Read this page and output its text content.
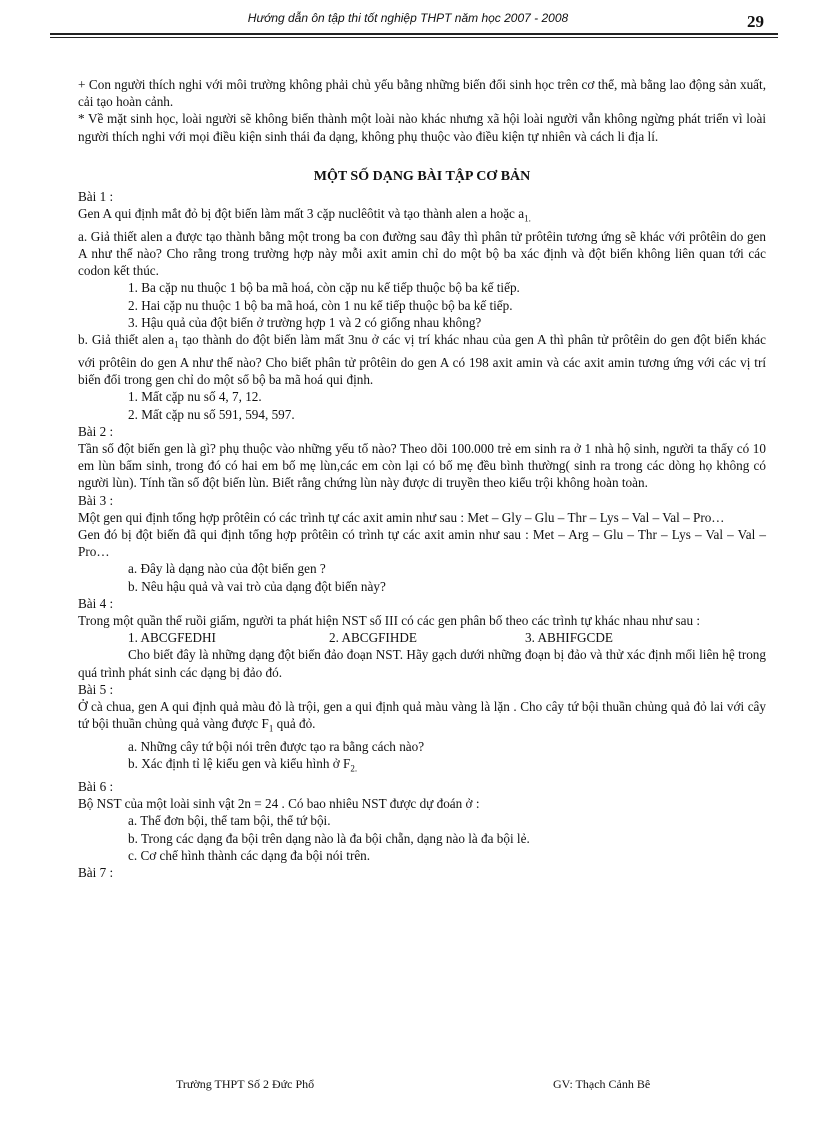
Hướng dẫn ôn tập thi tốt nghiệp THPT năm học 2007 - 2008	29

+ Con người thích nghi với môi trường không phải chủ yếu bằng những biến đổi sinh học trên cơ thể, mà bằng lao động sản xuất, cải tạo hoàn cảnh.

* Về mặt sinh học, loài người sẽ không biến thành một loài nào khác nhưng xã hội loài người vẫn không ngừng phát triển vì loài người thích nghi với mọi điều kiện sinh thái đa dạng, không phụ thuộc vào điều kiện tự nhiên và cách li địa lí.

MỘT SỐ DẠNG BÀI TẬP CƠ BẢN

Bài 1 :

Gen A qui định mắt đỏ bị đột biến làm mất 3 cặp nuclêôtit và tạo thành alen a hoặc $a_{1.}$

a. Giả thiết alen a được tạo thành bằng một trong ba con đường sau đây thì phân tử prôtêin tương ứng sẽ khác với prôtêin do gen A như thế nào? Cho rằng trong trường hợp này mỗi axit amin chỉ do một bộ ba xác định và đột biến không liên quan tới các codon kết thúc.

1. Ba cặp nu thuộc 1 bộ ba mã hoá, còn cặp nu kế tiếp thuộc bộ ba kế tiếp.

2. Hai cặp nu thuộc 1 bộ ba mã hoá, còn 1 nu kế tiếp thuộc bộ ba kế tiếp.

3. Hậu quả của đột biến ở trường hợp 1 và 2 có giống nhau không?

b. Giả thiết alen $a_1$ tạo thành do đột biến làm mất 3nu ở các vị trí khác nhau của gen A thì phân tử prôtêin do gen đột biến khác với prôtêin do gen A như thế nào? Cho biết phân tử prôtêin do gen A có 198 axit amin và các axit amin tương ứng với các vị trí biến đổi trong gen chỉ do một số bộ ba mã hoá qui định.

1. Mất cặp nu số 4, 7, 12.

2. Mất cặp nu số 591, 594, 597.

Bài 2 :

Tần số đột biến gen là gì? phụ thuộc vào những yếu tố nào? Theo dõi 100.000 trẻ em sinh ra ở 1 nhà hộ sinh, người ta thấy có 10 em lùn bẩm sinh, trong đó có hai em bố mẹ lùn,các em còn lại có bố mẹ đều bình thường( sinh ra trong các dòng họ không có người lùn). Tính tần số đột biến lùn. Biết rằng chứng lùn này được di truyền theo kiểu trội không hoàn toàn.

Bài 3 :

Một gen qui định tổng hợp prôtêin có các trình tự các axit amin như sau : Met – Gly – Glu – Thr – Lys – Val – Val – Pro…

Gen đó bị đột biến đã qui định tổng hợp prôtêin có trình tự các axit amin như sau : Met – Arg – Glu – Thr – Lys – Val – Val – Pro…

a. Đây là dạng nào của đột biến gen ?

b. Nêu hậu quả và vai trò của dạng đột biến này?

Bài 4 :

Trong một quần thể ruồi giấm, người ta phát hiện NST số III có các gen phân bố theo các trình tự khác nhau như sau :

1. ABCGFEDHI	2. ABCGFIHDE	3. ABHIFGCDE

Cho biết đây là những dạng đột biến đảo đoạn NST. Hãy gạch dưới những đoạn bị đảo và thử xác định mối liên hệ trong quá trình phát sinh các dạng bị đảo đó.

Bài 5 :

Ở cà chua, gen A qui định quả màu đỏ là trội, gen a qui định quả màu vàng là lặn . Cho cây tứ bội thuần chủng quả đỏ lai với cây tứ bội thuần chủng quả vàng được $F_1$ quả đỏ.

a. Những cây tứ bội nói trên được tạo ra bằng cách nào?

b. Xác định tỉ lệ kiểu gen và kiểu hình ở $F_{2.}$

Bài 6 :

Bộ NST của một loài sinh vật 2n = 24 . Có bao nhiêu NST được dự đoán ở :

a. Thể đơn bội, thể tam bội, thể tứ bội.

b. Trong các dạng đa bội trên dạng nào là đa bội chẵn, dạng nào là đa bội lẻ.

c. Cơ chế hình thành các dạng đa bội nói trên.

Bài 7 :

Trường THPT Số 2 Đức Phổ	GV: Thạch Cảnh Bê
